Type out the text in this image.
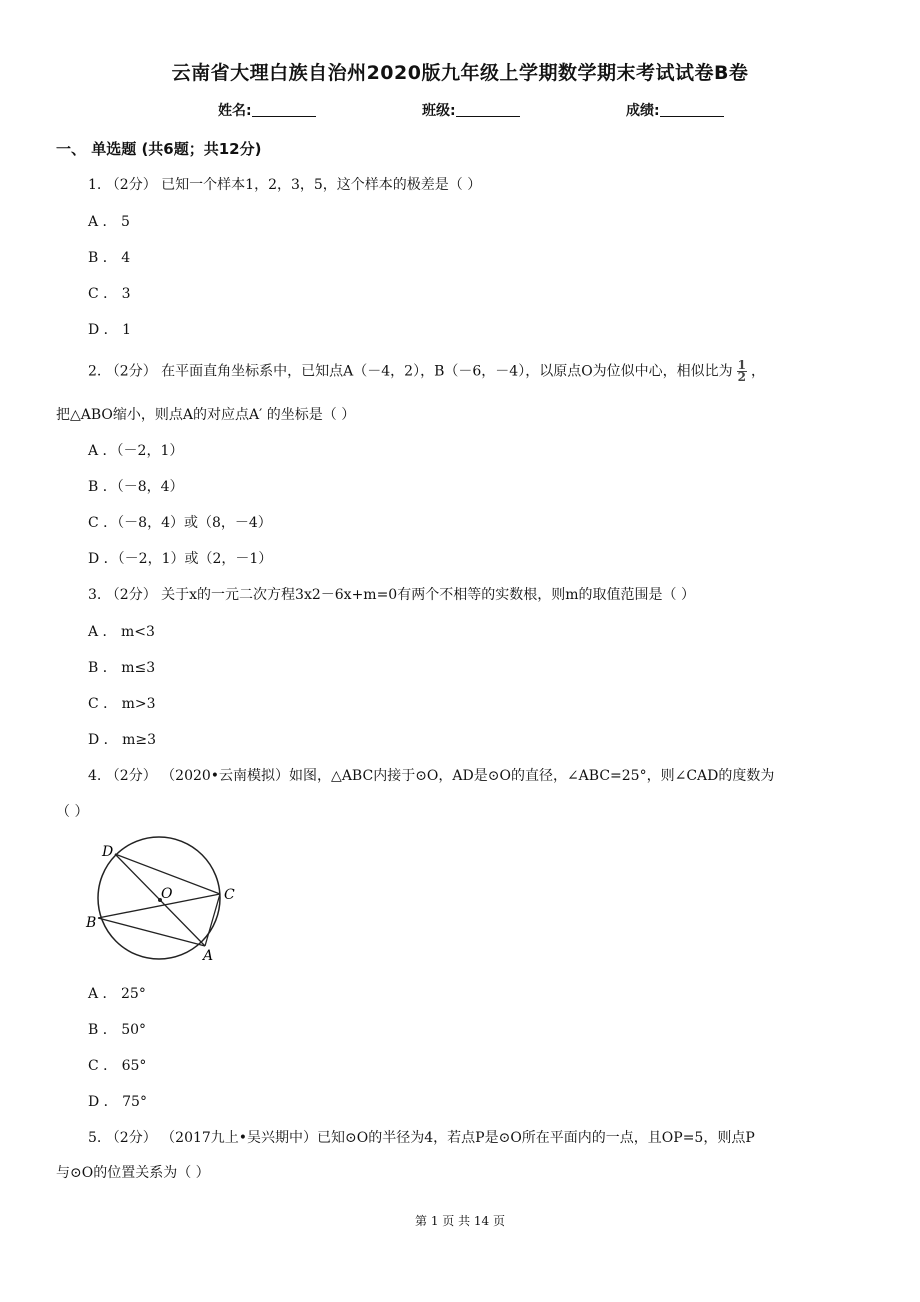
云南省大理白族自治州2020版九年级上学期数学期末考试试卷B卷
姓名:	班级:	成绩:
一、 单选题 (共6题；共12分)
1. （2分） 已知一个样本1，2，3，5，这个样本的极差是（ ）
A ． 5
B ． 4
C ． 3
D ． 1
2. （2分） 在平面直角坐标系中，已知点A（－4，2），B（－6，－4），以原点O为位似中心，相似比为 $\frac{1}{2}$ ，
把△ABO缩小，则点A的对应点A′ 的坐标是（ ）
A ．（－2，1）
B ．（－8，4）
C ．（－8，4）或（8，－4）
D ．（－2，1）或（2，－1）
3. （2分） 关于x的一元二次方程3x2－6x+m=0有两个不相等的实数根，则m的取值范围是（ ）
A ． m<3
B ． m≤3
C ． m>3
D ． m≥3
4. （2分） （2020•云南模拟）如图，△ABC内接于⊙O，AD是⊙O的直径，∠ABC=25°，则∠CAD的度数为
（ ）
D
O	C
B
A
A ． 25°
B ． 50°
C ． 65°
D ． 75°
5. （2分） （2017九上•吴兴期中）已知⊙O的半径为4，若点P是⊙O所在平面内的一点，且OP=5，则点P
与⊙O的位置关系为（ ）
第 1 页 共 14 页
